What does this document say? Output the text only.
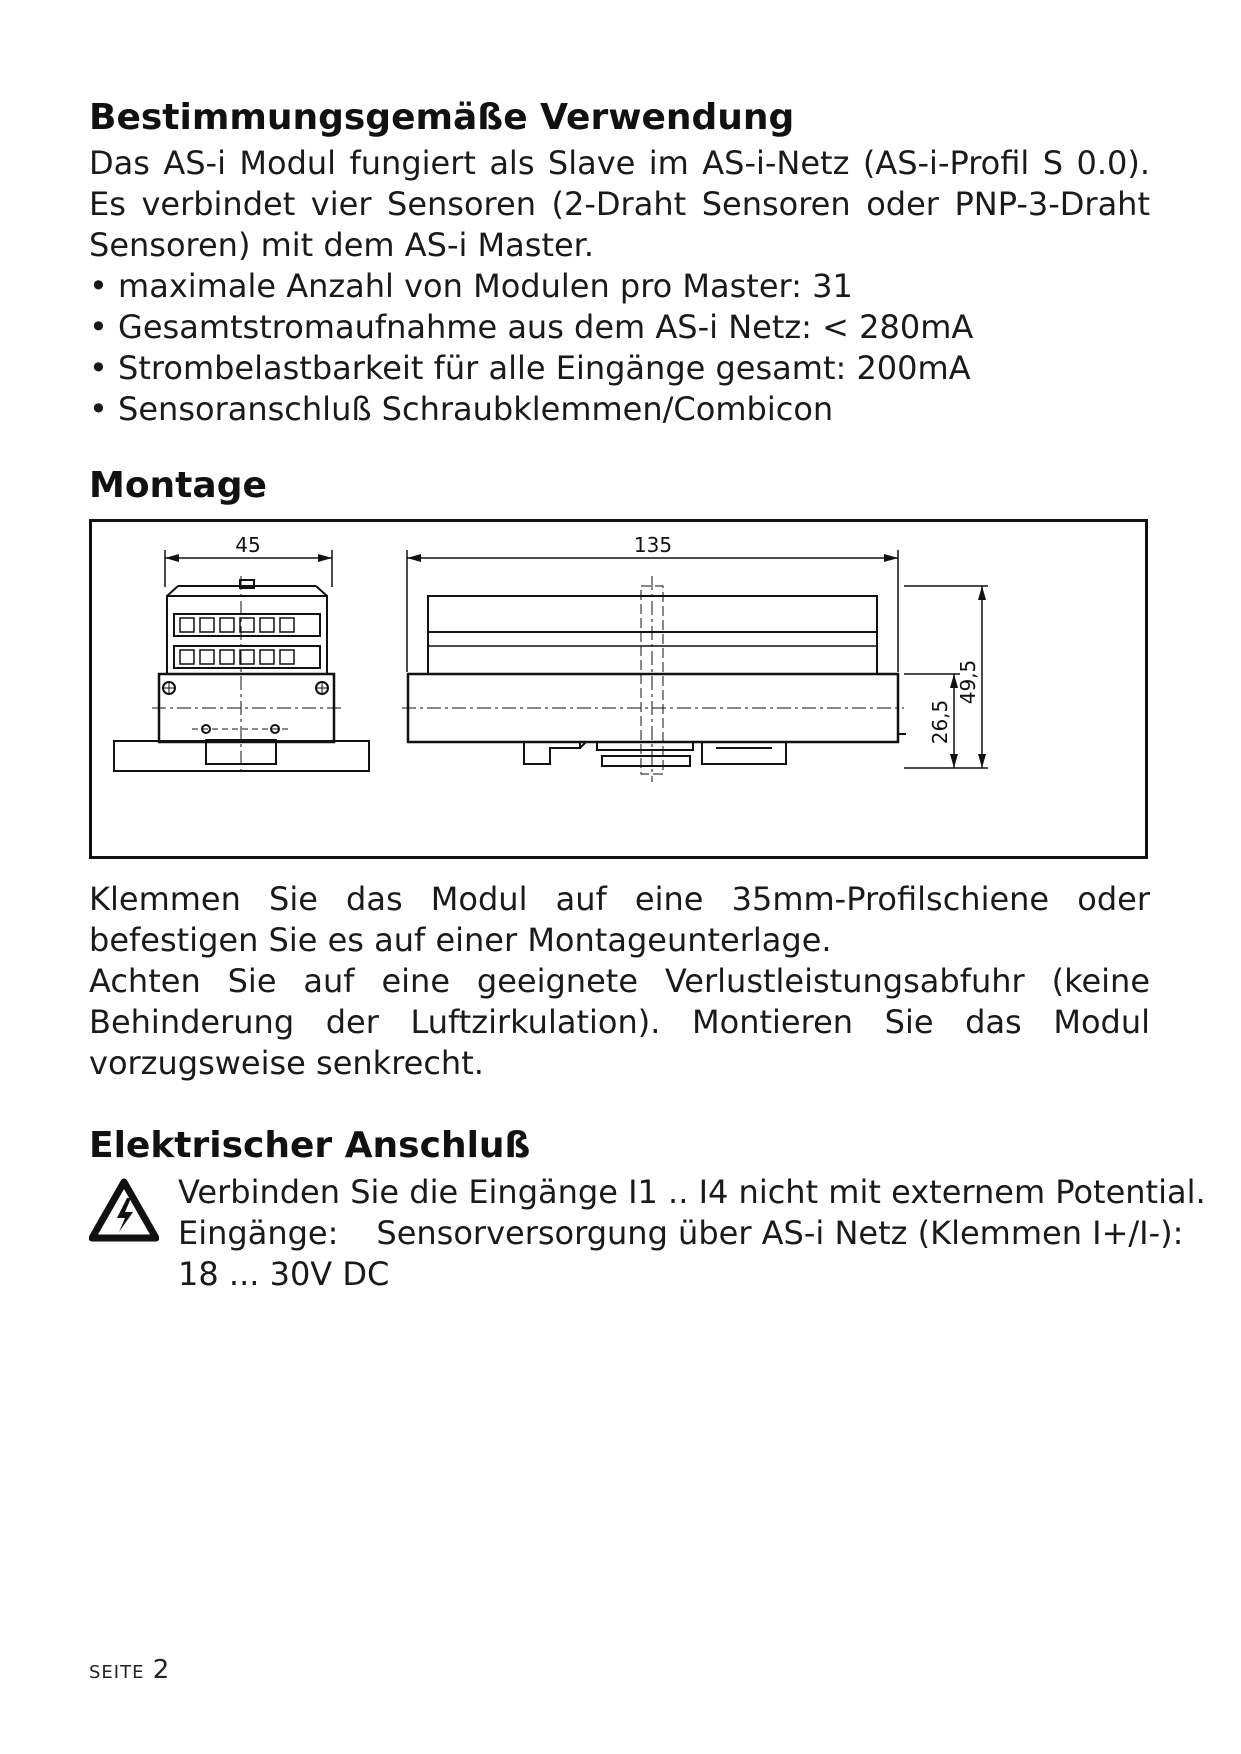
Bestimmungsgemäße Verwendung

Das AS-i Modul fungiert als Slave im AS-i-Netz (AS-i-Profil S 0.0). Es verbindet vier Sensoren (2-Draht Sensoren oder PNP-3-Draht Sensoren) mit dem AS-i Master.

• maximale Anzahl von Modulen pro Master: 31
• Gesamtstromaufnahme aus dem AS-i Netz: < 280mA
• Strombelastbarkeit für alle Eingänge gesamt: 200mA
• Sensoranschluß Schraubklemmen/Combicon
Montage
45	135
49,5
26,5

Klemmen Sie das Modul auf eine 35mm-Profilschiene oder befestigen Sie es auf einer Montageunterlage.

Achten Sie auf eine geeignete Verlustleistungsabfuhr (keine Behinderung der Luftzirkulation). Montieren Sie das Modul vorzugsweise senkrecht.

Elektrischer Anschluß

Verbinden Sie die Eingänge I1 .. I4 nicht mit externem Potential.

Eingänge: Sensorversorgung über AS-i Netz (Klemmen I+/I-):

18 ... 30V DC

SEITE 2
